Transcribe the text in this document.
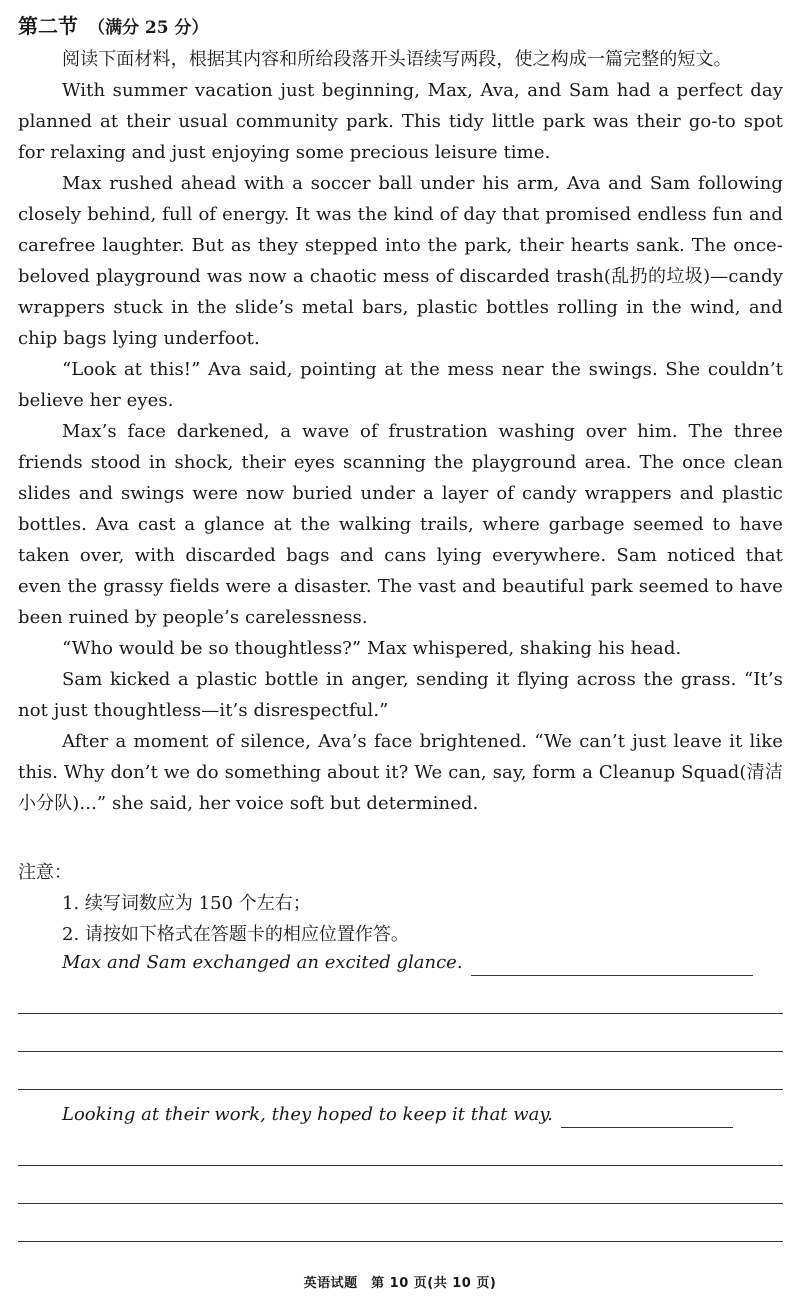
第二节 （满分 25 分）

阅读下面材料，根据其内容和所给段落开头语续写两段，使之构成一篇完整的短文。

With summer vacation just beginning, Max, Ava, and Sam had a perfect day planned at their usual community park. This tidy little park was their go-to spot for relaxing and just enjoying some precious leisure time.

Max rushed ahead with a soccer ball under his arm, Ava and Sam following closely behind, full of energy. It was the kind of day that promised endless fun and carefree laughter. But as they stepped into the park, their hearts sank. The once-beloved playground was now a chaotic mess of discarded trash(乱扔的垃圾)—candy wrappers stuck in the slide’s metal bars, plastic bottles rolling in the wind, and chip bags lying underfoot.

“Look at this!” Ava said, pointing at the mess near the swings. She couldn’t believe her eyes.

Max’s face darkened, a wave of frustration washing over him. The three friends stood in shock, their eyes scanning the playground area. The once clean slides and swings were now buried under a layer of candy wrappers and plastic bottles. Ava cast a glance at the walking trails, where garbage seemed to have taken over, with discarded bags and cans lying everywhere. Sam noticed that even the grassy fields were a disaster. The vast and beautiful park seemed to have been ruined by people’s carelessness.

“Who would be so thoughtless?” Max whispered, shaking his head.

Sam kicked a plastic bottle in anger, sending it flying across the grass. “It’s not just thoughtless—it’s disrespectful.”

After a moment of silence, Ava’s face brightened. “We can’t just leave it like this. Why don’t we do something about it? We can, say, form a Cleanup Squad(清洁小分队)...” she said, her voice soft but determined.

注意：
1. 续写词数应为 150 个左右；
2. 请按如下格式在答题卡的相应位置作答。
Max and Sam exchanged an excited glance.
Looking at their work, they hoped to keep it that way.
英语试题　第 10 页(共 10 页)
